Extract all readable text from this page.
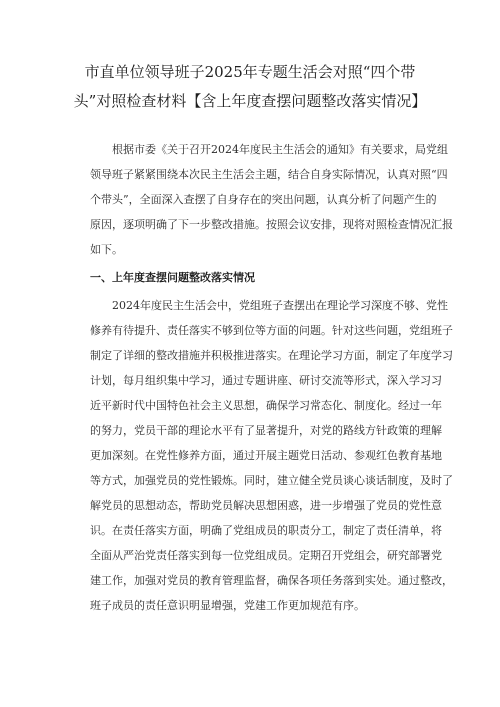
市直单位领导班子2025年专题生活会对照“四个带
头”对照检查材料【含上年度查摆问题整改落实情况】
根据市委《关于召开2024年度民主生活会的通知》有关要求，局党组
领导班子紧紧围绕本次民主生活会主题，结合自身实际情况，认真对照“四
个带头”，全面深入查摆了自身存在的突出问题，认真分析了问题产生的
原因，逐项明确了下一步整改措施。按照会议安排，现将对照检查情况汇报
如下。
一、上年度查摆问题整改落实情况
2024年度民主生活会中，党组班子查摆出在理论学习深度不够、党性
修养有待提升、责任落实不够到位等方面的问题。针对这些问题，党组班子
制定了详细的整改措施并积极推进落实。在理论学习方面，制定了年度学习
计划，每月组织集中学习，通过专题讲座、研讨交流等形式，深入学习习
近平新时代中国特色社会主义思想，确保学习常态化、制度化。经过一年
的努力，党员干部的理论水平有了显著提升，对党的路线方针政策的理解
更加深刻。在党性修养方面，通过开展主题党日活动、参观红色教育基地
等方式，加强党员的党性锻炼。同时，建立健全党员谈心谈话制度，及时了
解党员的思想动态，帮助党员解决思想困惑，进一步增强了党员的党性意
识。在责任落实方面，明确了党组成员的职责分工，制定了责任清单，将
全面从严治党责任落实到每一位党组成员。定期召开党组会，研究部署党
建工作，加强对党员的教育管理监督，确保各项任务落到实处。通过整改，
班子成员的责任意识明显增强，党建工作更加规范有序。
